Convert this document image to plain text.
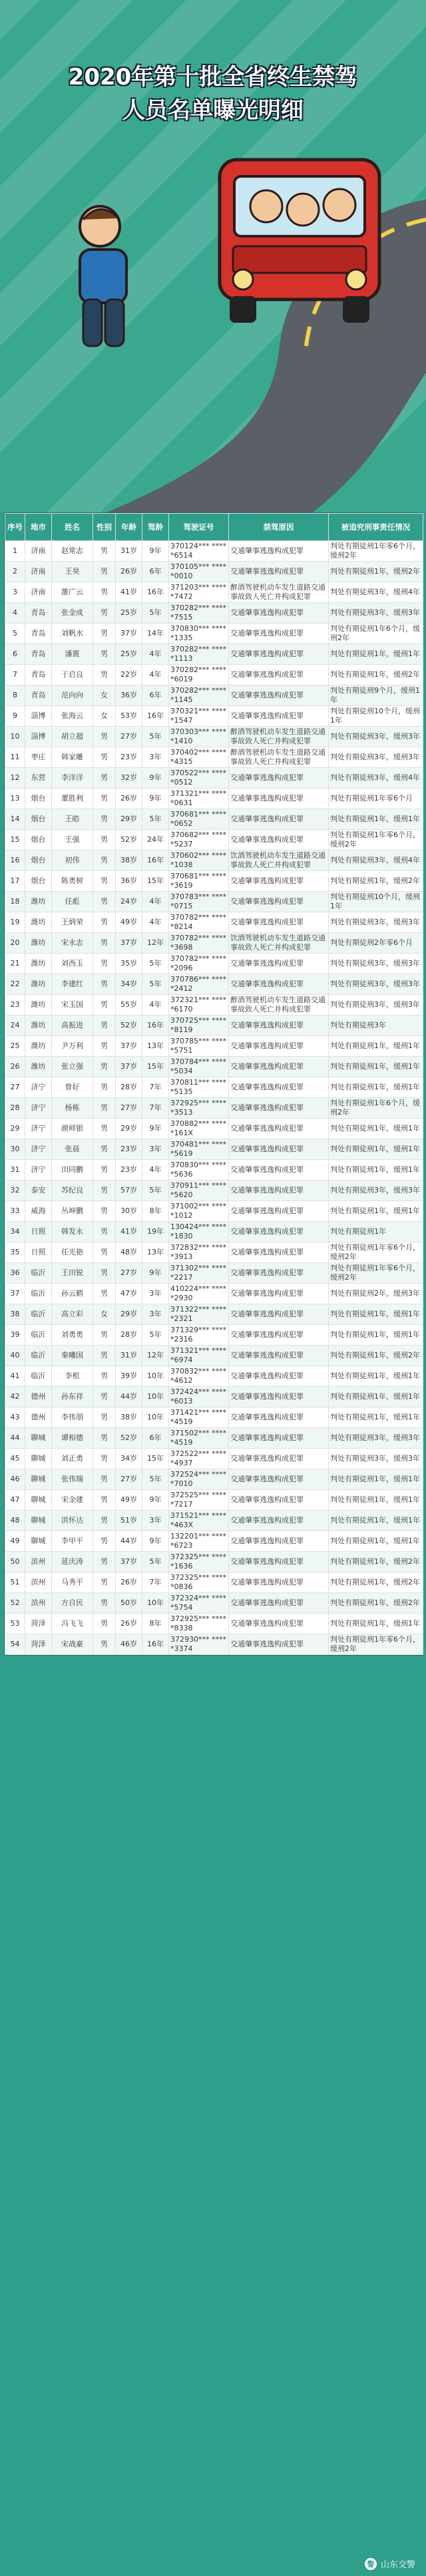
2020年第十批全省终生禁驾
人员名单曝光明细
序号	地市	姓名	性别	年龄	驾龄	驾驶证号	禁驾原因	被追究刑事责任情况
1	济南	赵常志	男	31岁	9年	370124*** *****6514	交通肇事逃逸构成犯罪	判处有期徒刑1年零6个月，缓刑2年
2	济南	王昊	男	26岁	6年	370105*** *****0010	交通肇事逃逸构成犯罪	判处有期徒刑1年，缓刑2年
3	济南	雒广云	男	41岁	16年	371203*** *****7472	醉酒驾驶机动车发生道路交通事故致人死亡并构成犯罪	判处有期徒刑3年，缓刑4年
4	青岛	张金成	男	25岁	5年	370282*** *****7515	交通肇事逃逸构成犯罪	判处有期徒刑3年，缓刑3年
5	青岛	刘帆水	男	37岁	14年	370830*** *****1335	交通肇事逃逸构成犯罪	判处有期徒刑1年6个月，缓刑2年
6	青岛	潘震	男	25岁	4年	370282*** *****1113	交通肇事逃逸构成犯罪	判处有期徒刑1年，缓刑1年
7	青岛	于启良	男	22岁	4年	370282*** *****6019	交通肇事逃逸构成犯罪	判处有期徒刑1年，缓刑2年
8	青岛	范向向	女	36岁	6年	370282*** *****1145	交通肇事逃逸构成犯罪	判处有期徒刑9个月，缓刑1年
9	淄博	张海云	女	53岁	16年	370321*** *****1547	交通肇事逃逸构成犯罪	判处有期徒刑10个月，缓刑1年
10	淄博	胡立超	男	27岁	5年	370303*** *****1410	醉酒驾驶机动车发生道路交通事故致人死亡并构成犯罪	判处有期徒刑3年，缓刑3年
11	枣庄	韩家雕	男	23岁	3年	370402*** *****4315	醉酒驾驶机动车发生道路交通事故致人死亡并构成犯罪	判处有期徒刑3年，缓刑3年
12	东营	李洋洋	男	32岁	9年	370522*** *****0512	交通肇事逃逸构成犯罪	判处有期徒刑3年，缓刑4年
13	烟台	董胜利	男	26岁	9年	371321*** *****0631	交通肇事逃逸构成犯罪	判处有期徒刑1年零6个月
14	烟台	王皓	男	29岁	5年	370681*** *****0652	交通肇事逃逸构成犯罪	判处有期徒刑1年，缓刑1年
15	烟台	王强	男	52岁	24年	370682*** *****5237	交通肇事逃逸构成犯罪	判处有期徒刑1年零6个月，缓刑2年
16	烟台	初伟	男	38岁	16年	370602*** *****1038	饮酒驾驶机动车发生道路交通事故致人死亡并构成犯罪	判处有期徒刑3年，缓刑4年
17	烟台	陈勇树	男	36岁	15年	370681*** *****3619	交通肇事逃逸构成犯罪	判处有期徒刑1年，缓刑2年
18	潍坊	任彪	男	24岁	4年	370783*** *****0715	交通肇事逃逸构成犯罪	判处有期徒刑10个月，缓刑1年
19	潍坊	王炳荣	男	49岁	4年	370782*** *****8214	交通肇事逃逸构成犯罪	判处有期徒刑3年，缓刑3年
20	潍坊	宋永志	男	37岁	12年	370782*** *****3698	饮酒驾驶机动车发生道路交通事故致人死亡并构成犯罪	判处有期徒刑2年零6个月
21	潍坊	刘西玉	男	35岁	5年	370782*** *****2096	交通肇事逃逸构成犯罪	判处有期徒刑3年，缓刑3年
22	潍坊	李建红	男	34岁	5年	370786*** *****2412	交通肇事逃逸构成犯罪	判处有期徒刑3年，缓刑3年
23	潍坊	宋玉国	男	55岁	4年	372321*** *****6170	醉酒驾驶机动车发生道路交通事故致人死亡并构成犯罪	判处有期徒刑3年，缓刑3年
24	潍坊	高振进	男	52岁	16年	370725*** *****8119	交通肇事逃逸构成犯罪	判处有期徒刑3年
25	潍坊	尹万利	男	37岁	13年	370785*** *****5751	交通肇事逃逸构成犯罪	判处有期徒刑1年，缓刑1年
26	潍坊	张立强	男	37岁	15年	370784*** *****5034	交通肇事逃逸构成犯罪	判处有期徒刑1年，缓刑1年
27	济宁	曾好	男	28岁	7年	370811*** *****5135	交通肇事逃逸构成犯罪	判处有期徒刑1年，缓刑1年
28	济宁	杨栋	男	27岁	7年	372925*** *****3513	交通肇事逃逸构成犯罪	判处有期徒刑1年6个月，缓刑2年
29	济宁	颜师银	男	29岁	9年	370882*** *****161X	交通肇事逃逸构成犯罪	判处有期徒刑1年，缓刑1年
30	济宁	张晨	男	23岁	3年	370481*** *****5619	交通肇事逃逸构成犯罪	判处有期徒刑1年，缓刑1年
31	济宁	田同鹏	男	23岁	4年	370830*** *****5636	交通肇事逃逸构成犯罪	判处有期徒刑1年，缓刑1年
32	泰安	苏纪良	男	57岁	5年	370911*** *****5620	交通肇事逃逸构成犯罪	判处有期徒刑3年，缓刑3年
33	威海	丛坤鹏	男	30岁	8年	371002*** *****1012	交通肇事逃逸构成犯罪	判处有期徒刑1年，缓刑1年
34	日照	韩发永	男	41岁	19年	130424*** *****1830	交通肇事逃逸构成犯罪	判处有期徒刑1年
35	日照	任光艳	男	48岁	13年	372832*** *****3913	交通肇事逃逸构成犯罪	判处有期徒刑1年零6个月，缓刑2年
36	临沂	王田锐	男	27岁	9年	371302*** *****2217	交通肇事逃逸构成犯罪	判处有期徒刑1年零6个月，缓刑2年
37	临沂	孙云鹤	男	47岁	3年	410224*** *****2930	交通肇事逃逸构成犯罪	判处有期徒刑2年，缓刑3年
38	临沂	高立彩	女	29岁	3年	371322*** *****2321	交通肇事逃逸构成犯罪	判处有期徒刑1年，缓刑1年
39	临沂	刘勇勇	男	28岁	5年	371329*** *****2316	交通肇事逃逸构成犯罪	判处有期徒刑1年，缓刑1年
40	临沂	秦曦国	男	31岁	12年	371321*** *****6974	交通肇事逃逸构成犯罪	判处有期徒刑1年，缓刑2年
41	临沂	李根	男	39岁	10年	370832*** *****4612	交通肇事逃逸构成犯罪	判处有期徒刑1年，缓刑1年
42	德州	孙东祥	男	44岁	10年	372424*** *****6013	交通肇事逃逸构成犯罪	判处有期徒刑1年，缓刑1年
43	德州	李伟朋	男	38岁	10年	371421*** *****4519	交通肇事逃逸构成犯罪	判处有期徒刑1年，缓刑1年
44	聊城	谭相德	男	52岁	6年	371502*** *****4519	交通肇事逃逸构成犯罪	判处有期徒刑3年，缓刑3年
45	聊城	刘正勇	男	34岁	15年	372522*** *****4937	交通肇事逃逸构成犯罪	判处有期徒刑3年，缓刑3年
46	聊城	张伟瑞	男	27岁	5年	372524*** *****7010	交通肇事逃逸构成犯罪	判处有期徒刑1年，缓刑1年
47	聊城	宋金建	男	49岁	9年	372525*** *****7217	交通肇事逃逸构成犯罪	判处有期徒刑1年，缓刑1年
48	聊城	洪怀达	男	51岁	3年	371521*** *****463X	交通肇事逃逸构成犯罪	判处有期徒刑1年，缓刑1年
49	聊城	李甲平	男	44岁	9年	132201*** *****6723	交通肇事逃逸构成犯罪	判处有期徒刑1年，缓刑1年
50	滨州	延庆涛	男	37岁	5年	372325*** *****1636	交通肇事逃逸构成犯罪	判处有期徒刑1年，缓刑2年
51	滨州	马秀平	男	26岁	7年	372325*** *****0836	交通肇事逃逸构成犯罪	判处有期徒刑1年，缓刑2年
52	滨州	方自民	男	50岁	10年	372324*** *****5754	交通肇事逃逸构成犯罪	判处有期徒刑1年，缓刑2年
53	菏泽	冯飞飞	男	26岁	8年	372925*** *****8338	交通肇事逃逸构成犯罪	判处有期徒刑1年，缓刑1年
54	菏泽	宋战豪	男	46岁	16年	372930*** *****3374	交通肇事逃逸构成犯罪	判处有期徒刑1年零6个月，缓刑2年
警 山东交警
